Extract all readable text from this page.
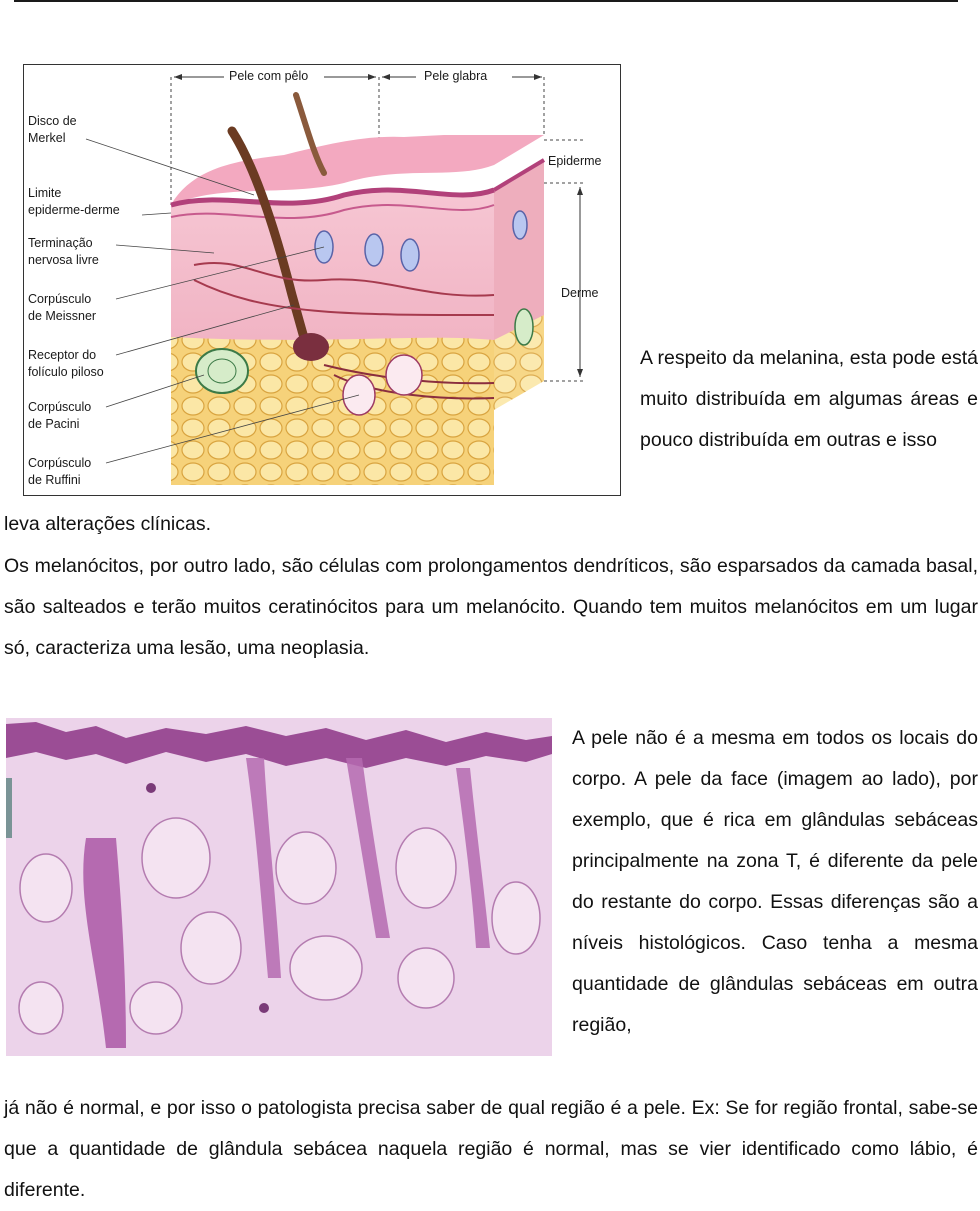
Pele com pêlo	Pele glabra
Epiderme
Derme
Disco de
Merkel
Limite
epiderme-derme
Terminação
nervosa livre
Corpúsculo
de Meissner
Receptor do
folículo piloso
Corpúsculo
de Pacini
Corpúsculo
de Ruffini

A respeito da melanina, esta pode está muito distribuída em algumas áreas e pouco distribuída em outras e isso

leva alterações clínicas.

Os melanócitos, por outro lado, são células com prolongamentos dendríticos, são esparsados da camada basal, são salteados e terão muitos ceratinócitos para um melanócito. Quando tem muitos melanócitos em um lugar só, caracteriza uma lesão, uma neoplasia.

A pele não é a mesma em todos os locais do corpo. A pele da face (imagem ao lado), por exemplo, que é rica em glândulas sebáceas principalmente na zona T, é diferente da pele do restante do corpo. Essas diferenças são a níveis histológicos. Caso tenha a mesma quantidade de glândulas sebáceas em outra região,

já não é normal, e por isso o patologista precisa saber de qual região é a pele. Ex: Se for região frontal, sabe-se que a quantidade de glândula sebácea naquela região é normal, mas se vier identificado como lábio, é diferente.
